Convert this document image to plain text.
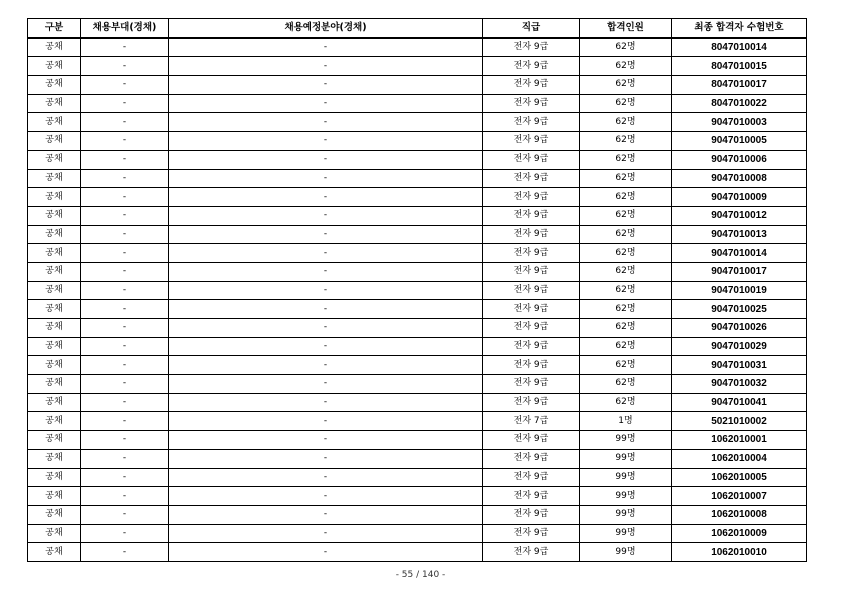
구분	채용부대(경채)	채용예정분야(경채)	직급	합격인원	최종 합격자 수험번호
공채	-	-	전자 9급	62명	8047010014
공채	-	-	전자 9급	62명	8047010015
공채	-	-	전자 9급	62명	8047010017
공채	-	-	전자 9급	62명	8047010022
공채	-	-	전자 9급	62명	9047010003
공채	-	-	전자 9급	62명	9047010005
공채	-	-	전자 9급	62명	9047010006
공채	-	-	전자 9급	62명	9047010008
공채	-	-	전자 9급	62명	9047010009
공채	-	-	전자 9급	62명	9047010012
공채	-	-	전자 9급	62명	9047010013
공채	-	-	전자 9급	62명	9047010014
공채	-	-	전자 9급	62명	9047010017
공채	-	-	전자 9급	62명	9047010019
공채	-	-	전자 9급	62명	9047010025
공채	-	-	전자 9급	62명	9047010026
공채	-	-	전자 9급	62명	9047010029
공채	-	-	전자 9급	62명	9047010031
공채	-	-	전자 9급	62명	9047010032
공채	-	-	전자 9급	62명	9047010041
공채	-	-	전자 7급	1명	5021010002
공채	-	-	전자 9급	99명	1062010001
공채	-	-	전자 9급	99명	1062010004
공채	-	-	전자 9급	99명	1062010005
공채	-	-	전자 9급	99명	1062010007
공채	-	-	전자 9급	99명	1062010008
공채	-	-	전자 9급	99명	1062010009
공채	-	-	전자 9급	99명	1062010010
- 55 / 140 -
